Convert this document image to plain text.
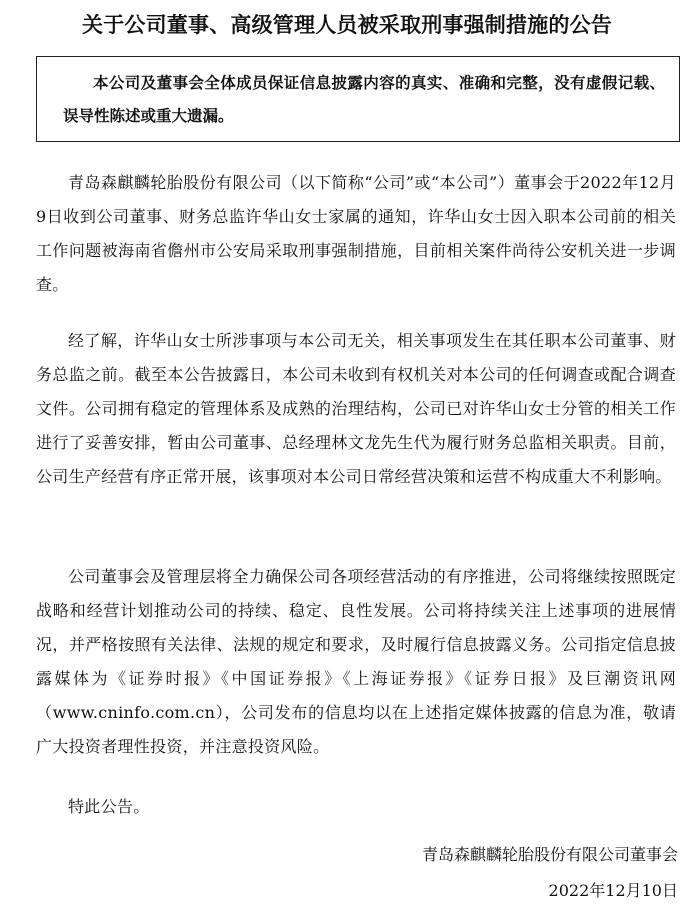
关于公司董事、高级管理人员被采取刑事强制措施的公告

本公司及董事会全体成员保证信息披露内容的真实、准确和完整，没有虚假记载、误导性陈述或重大遗漏。

青岛森麒麟轮胎股份有限公司（以下简称“公司”或“本公司”）董事会于2022年12月9日收到公司董事、财务总监许华山女士家属的通知，许华山女士因入职本公司前的相关工作问题被海南省儋州市公安局采取刑事强制措施，目前相关案件尚待公安机关进一步调查。

经了解，许华山女士所涉事项与本公司无关，相关事项发生在其任职本公司董事、财务总监之前。截至本公告披露日，本公司未收到有权机关对本公司的任何调查或配合调查文件。公司拥有稳定的管理体系及成熟的治理结构，公司已对许华山女士分管的相关工作进行了妥善安排，暂由公司董事、总经理林文龙先生代为履行财务总监相关职责。目前，公司生产经营有序正常开展，该事项对本公司日常经营决策和运营不构成重大不利影响。

公司董事会及管理层将全力确保公司各项经营活动的有序推进，公司将继续按照既定战略和经营计划推动公司的持续、稳定、良性发展。公司将持续关注上述事项的进展情况，并严格按照有关法律、法规的规定和要求，及时履行信息披露义务。公司指定信息披露媒体为《证券时报》《中国证券报》《上海证券报》《证券日报》及巨潮资讯网（www.cninfo.com.cn），公司发布的信息均以在上述指定媒体披露的信息为准，敬请广大投资者理性投资，并注意投资风险。

特此公告。

青岛森麒麟轮胎股份有限公司董事会

2022年12月10日
